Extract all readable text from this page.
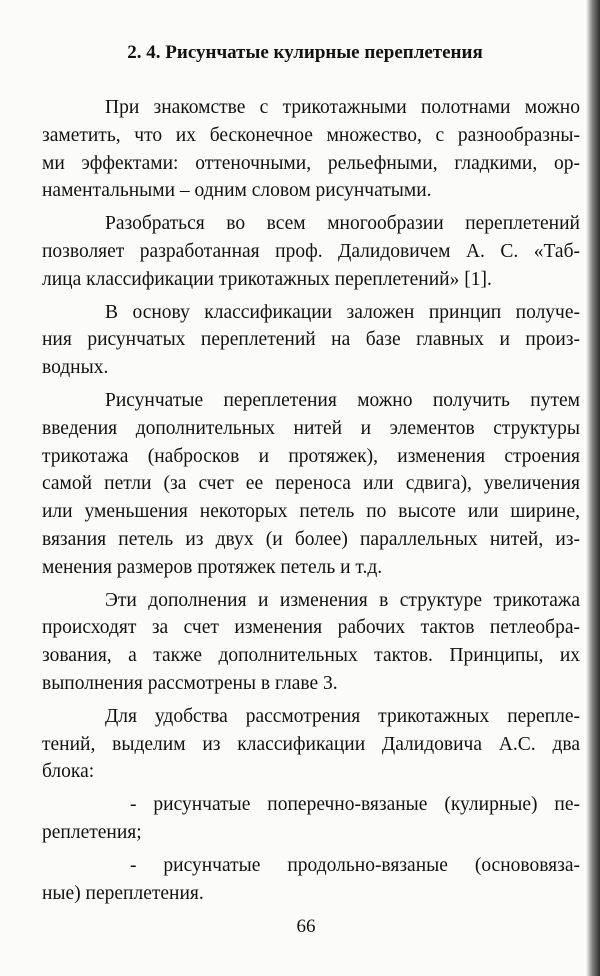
2. 4. Рисунчатые кулирные переплетения
При знакомстве с трикотажными полотнами можно
заметить, что их бесконечное множество, с разнообразны-
ми эффектами: оттеночными, рельефными, гладкими, ор-
наментальными – одним словом рисунчатыми.
Разобраться во всем многообразии переплетений
позволяет разработанная проф. Далидовичем А. С. «Таб-
лица классификации трикотажных переплетений» [1].
В основу классификации заложен принцип получе-
ния рисунчатых переплетений на базе главных и произ-
водных.
Рисунчатые переплетения можно получить путем
введения дополнительных нитей и элементов структуры
трикотажа (набросков и протяжек), изменения строения
самой петли (за счет ее переноса или сдвига), увеличения
или уменьшения некоторых петель по высоте или ширине,
вязания петель из двух (и более) параллельных нитей, из-
менения размеров протяжек петель и т.д.
Эти дополнения и изменения в структуре трикотажа
происходят за счет изменения рабочих тактов петлеобра-
зования, а также дополнительных тактов. Принципы, их
выполнения рассмотрены в главе 3.
Для удобства рассмотрения трикотажных перепле-
тений, выделим из классификации Далидовича А.С. два
блока:
- рисунчатые поперечно-вязаные (кулирные) пе-
реплетения;
- рисунчатые продольно-вязаные (основовяза-
ные) переплетения.
66
